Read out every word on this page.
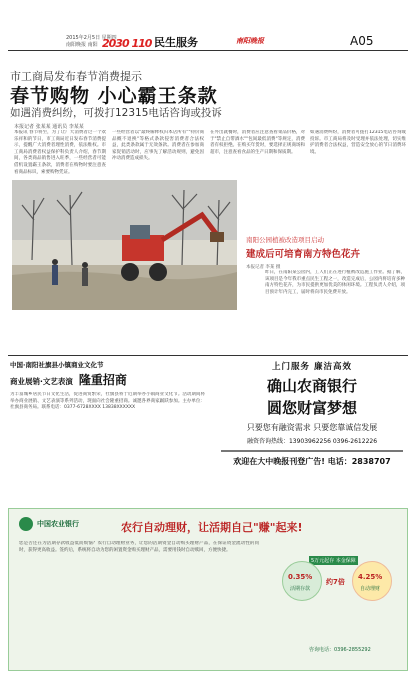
2015年2月5日 星期四
南阳晚报 南阳 2030 110 民生服务	南阳晚报	A05
市工商局发布春节消费提示
春节购物 小心霸王条款
如遇消费纠纷，可拨打12315电话咨询或投诉
本报记者 张某某 通讯员 李某某
本报讯 春节将至，为了让广大消费者过一个欢乐祥和的节日，市工商局近日发布春节消费提示，提醒广大消费者理性消费，依法维权。市工商局消费者权益保护科负责人介绍，春节期间，各类商品销售进入旺季，一些经营者可能借机设置霸王条款，消费者在购物时要注意查看商品标识，索要购物凭证。
一些经营者以"最终解释权归本店所有""特价商品概不退换"等格式条款侵害消费者合法权益，此类条款属于无效条款。消费者在参加商家促销活动时，应事先了解活动规则，避免因冲动消费造成损失。
在外出就餐时，消费者应注意查看菜品价格，对于"禁止自带酒水""包间最低消费"等规定，消费者有权拒绝。在购买年货时，要选择正规商场和超市，注意查看食品的生产日期和保质期。
如遇消费纠纷，消费者可拨打12315电话咨询或投诉。市工商局将及时受理并依法处理，切实维护消费者合法权益，营造安全放心的节日消费环境。
南阳公园植被改造项目启动
建成后可培育南方特色花卉
本报记者 李某 摄
昨日，在南阳某公园内，工人们正在进行植被改造施工作业。据了解，该项目是今年我市重点民生工程之一，改造完成后，公园内将培育多种南方特色花卉，为市民提供更加优美的休闲环境。工程负责人介绍，项目预计年内完工，届时将向市民免费开放。
中国·南阳社旗县小镇商业文化节
商业展销·文艺表演 隆重招商
为丰富城乡居民节日文化生活，促进商贸繁荣，社旗县将于近期举办小镇商业文化节。活动期间将举办商业展销、文艺表演等系列活动，现面向社会隆重招商。诚邀各界商家踊跃参加。主办单位：社旗县商务局。联系电话：0377-6728XXXX 13838XXXXXX
上门服务 廉洁高效
确山农商银行
圆您财富梦想
只要您有融资需求 只要您靠诚信发展
融资咨询热线：13903962256 0396-2612226
欢迎在大中晚报刊登广告! 电话：2838707
中国农业银行	农行自动理财，让活期自己"赚"起来!
您是否还在为活期存款收益低而烦恼？农行自动理财业务，让您的活期资金自动购买理财产品，在保证资金流动性的同时，获得更高收益。签约后，系统将自动为您的闲置资金购买理财产品，需要用钱时自动赎回，方便快捷。
5万元起存 本金保障
0.35%
活期存款
4.25%
自动理财
约7倍
咨询电话：0396-2855292
